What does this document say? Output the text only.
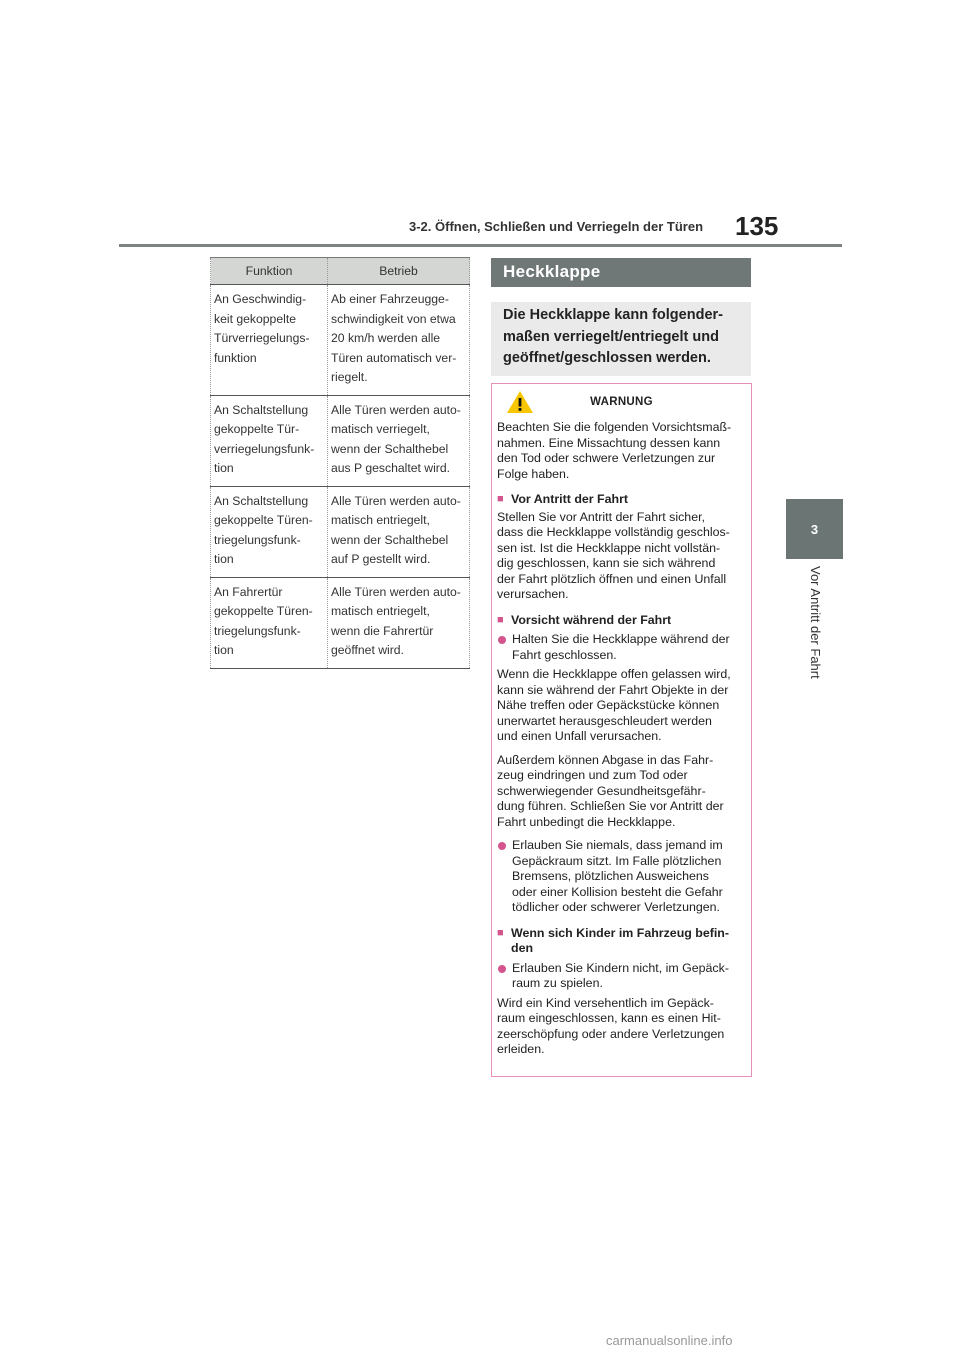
3-2. Öffnen, Schließen und Verriegeln der Türen 135
3
Vor Antritt der Fahrt
Funktion	Betrieb

An Geschwindig-
keit gekoppelte
Türverriegelungs-
funktion	Ab einer Fahrzeugge-
schwindigkeit von etwa
20 km/h werden alle
Türen automatisch ver-
riegelt.

An Schaltstellung
gekoppelte Tür-
verriegelungsfunk-
tion	Alle Türen werden auto-
matisch verriegelt,
wenn der Schalthebel
aus P geschaltet wird.

An Schaltstellung
gekoppelte Türen-
triegelungsfunk-
tion	Alle Türen werden auto-
matisch entriegelt,
wenn der Schalthebel
auf P gestellt wird.

An Fahrertür
gekoppelte Türen-
triegelungsfunk-
tion	Alle Türen werden auto-
matisch entriegelt,
wenn die Fahrertür
geöffnet wird.
Heckklappe
Die Heckklappe kann folgender-
maßen verriegelt/entriegelt und
geöffnet/geschlossen werden.
WARNUNG

Beachten Sie die folgenden Vorsichtsmaß-
nahmen. Eine Missachtung dessen kann
den Tod oder schwere Verletzungen zur
Folge haben.

■ Vor Antritt der Fahrt

Stellen Sie vor Antritt der Fahrt sicher,
dass die Heckklappe vollständig geschlos-
sen ist. Ist die Heckklappe nicht vollstän-
dig geschlossen, kann sie sich während
der Fahrt plötzlich öffnen und einen Unfall
verursachen.

■ Vorsicht während der Fahrt
Halten Sie die Heckklappe während der
Fahrt geschlossen.

Wenn die Heckklappe offen gelassen wird,
kann sie während der Fahrt Objekte in der
Nähe treffen oder Gepäckstücke können
unerwartet herausgeschleudert werden
und einen Unfall verursachen.

Außerdem können Abgase in das Fahr-
zeug eindringen und zum Tod oder
schwerwiegender Gesundheitsgefähr-
dung führen. Schließen Sie vor Antritt der
Fahrt unbedingt die Heckklappe.

Erlauben Sie niemals, dass jemand im
Gepäckraum sitzt. Im Falle plötzlichen
Bremsens, plötzlichen Ausweichens
oder einer Kollision besteht die Gefahr
tödlicher oder schwerer Verletzungen.
■ Wenn sich Kinder im Fahrzeug befin-
den
Erlauben Sie Kindern nicht, im Gepäck-
raum zu spielen.

Wird ein Kind versehentlich im Gepäck-
raum eingeschlossen, kann es einen Hit-
zeerschöpfung oder andere Verletzungen
erleiden.

carmanualsonline.info
